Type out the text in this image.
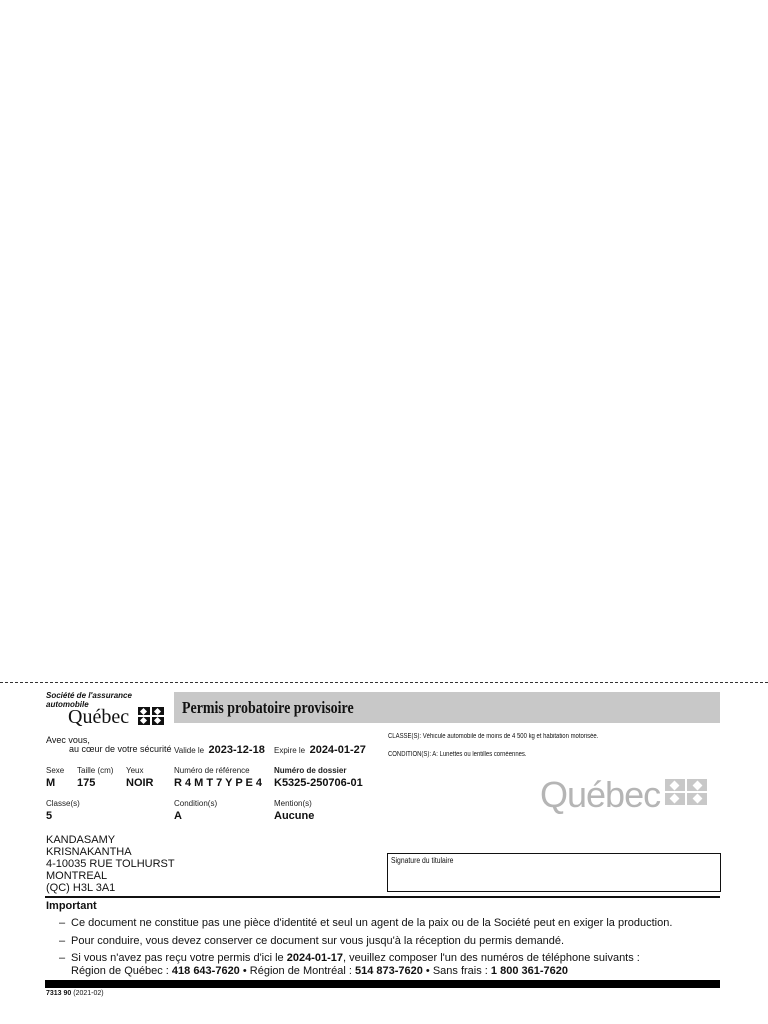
Société de l'assurance
automobile
Québec	Permis probatoire provisoire
Avec vous,
au cœur de votre sécurité Valide le 2023-12-18 Expire le 2024-01-27
CLASSE(S): Véhicule automobile de moins de 4 500 kg et habitation motorisée.
CONDITION(S): A: Lunettes ou lentilles cornéennes.
Sexe
M
Taille (cm)
175
Yeux
NOIR
Numéro de référence
R 4 M T 7 Y P E 4
Numéro de dossier
K5325-250706-01
Classe(s)
5
Condition(s)
A
Mention(s)
Aucune
Québec
KANDASAMY
KRISNAKANTHA
4-10035 RUE TOLHURST
MONTREAL
(QC) H3L 3A1
Signature du titulaire
Important
– Ce document ne constitue pas une pièce d'identité et seul un agent de la paix ou de la Société peut en exiger la production.
– Pour conduire, vous devez conserver ce document sur vous jusqu'à la réception du permis demandé.
– Si vous n'avez pas reçu votre permis d'ici le 2024-01-17, veuillez composer l'un des numéros de téléphone suivants :
Région de Québec : 418 643-7620 • Région de Montréal : 514 873-7620 • Sans frais : 1 800 361-7620
7313 90 (2021-02)
